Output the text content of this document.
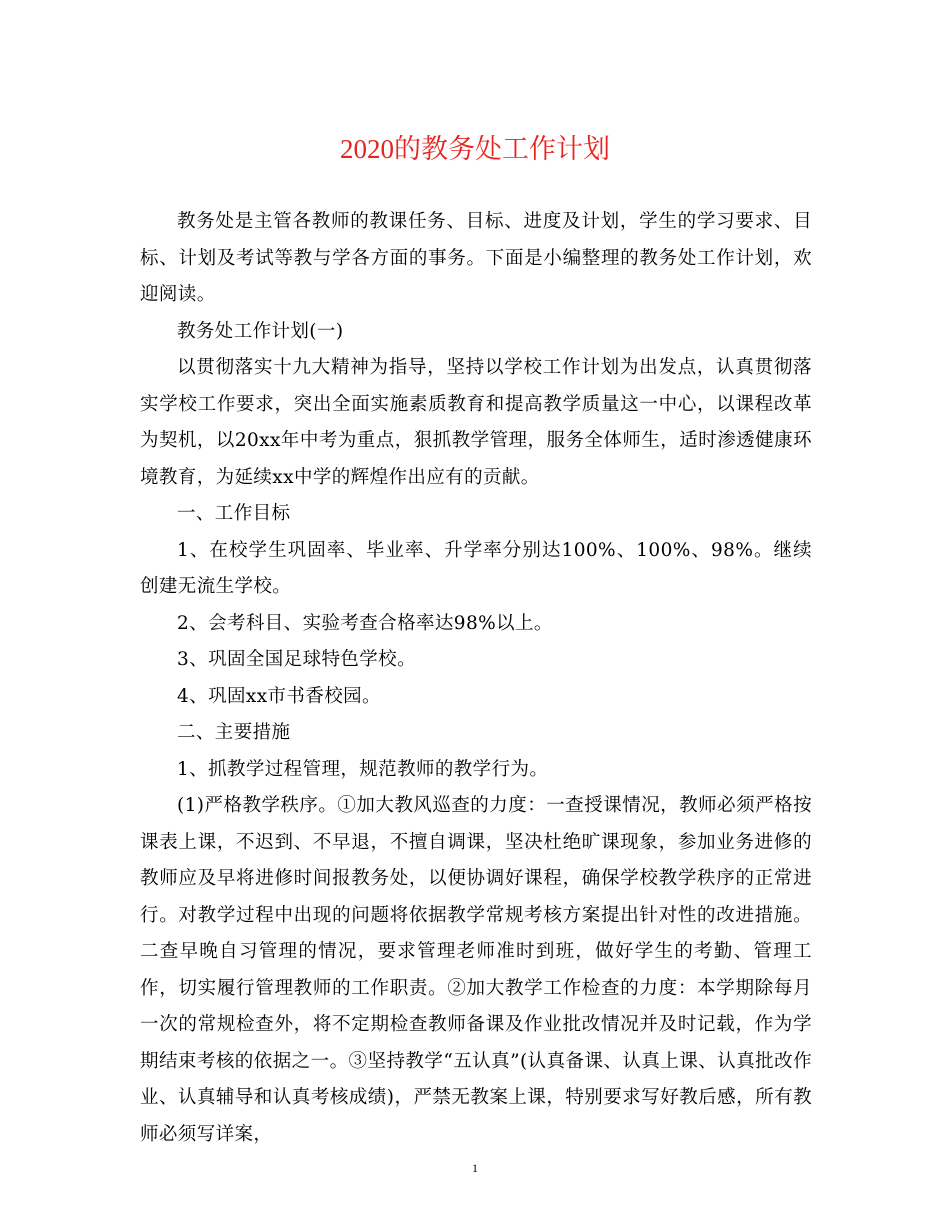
2020的教务处工作计划

教务处是主管各教师的教课任务、目标、进度及计划，学生的学习要求、目标、计划及考试等教与学各方面的事务。下面是小编整理的教务处工作计划，欢迎阅读。

教务处工作计划(一)

以贯彻落实十九大精神为指导，坚持以学校工作计划为出发点，认真贯彻落实学校工作要求，突出全面实施素质教育和提高教学质量这一中心，以课程改革为契机，以20xx年中考为重点，狠抓教学管理，服务全体师生，适时渗透健康环境教育，为延续xx中学的辉煌作出应有的贡献。

一、工作目标

1、在校学生巩固率、毕业率、升学率分别达100%、100%、98%。继续创建无流生学校。

2、会考科目、实验考查合格率达98%以上。

3、巩固全国足球特色学校。

4、巩固xx市书香校园。

二、主要措施

1、抓教学过程管理，规范教师的教学行为。

(1)严格教学秩序。①加大教风巡查的力度：一查授课情况，教师必须严格按课表上课，不迟到、不早退，不擅自调课，坚决杜绝旷课现象，参加业务进修的教师应及早将进修时间报教务处，以便协调好课程，确保学校教学秩序的正常进行。对教学过程中出现的问题将依据教学常规考核方案提出针对性的改进措施。二查早晚自习管理的情况，要求管理老师准时到班，做好学生的考勤、管理工作，切实履行管理教师的工作职责。②加大教学工作检查的力度：本学期除每月一次的常规检查外，将不定期检查教师备课及作业批改情况并及时记载，作为学期结束考核的依据之一。③坚持教学“五认真”(认真备课、认真上课、认真批改作业、认真辅导和认真考核成绩)，严禁无教案上课，特别要求写好教后感，所有教师必须写详案，

1
